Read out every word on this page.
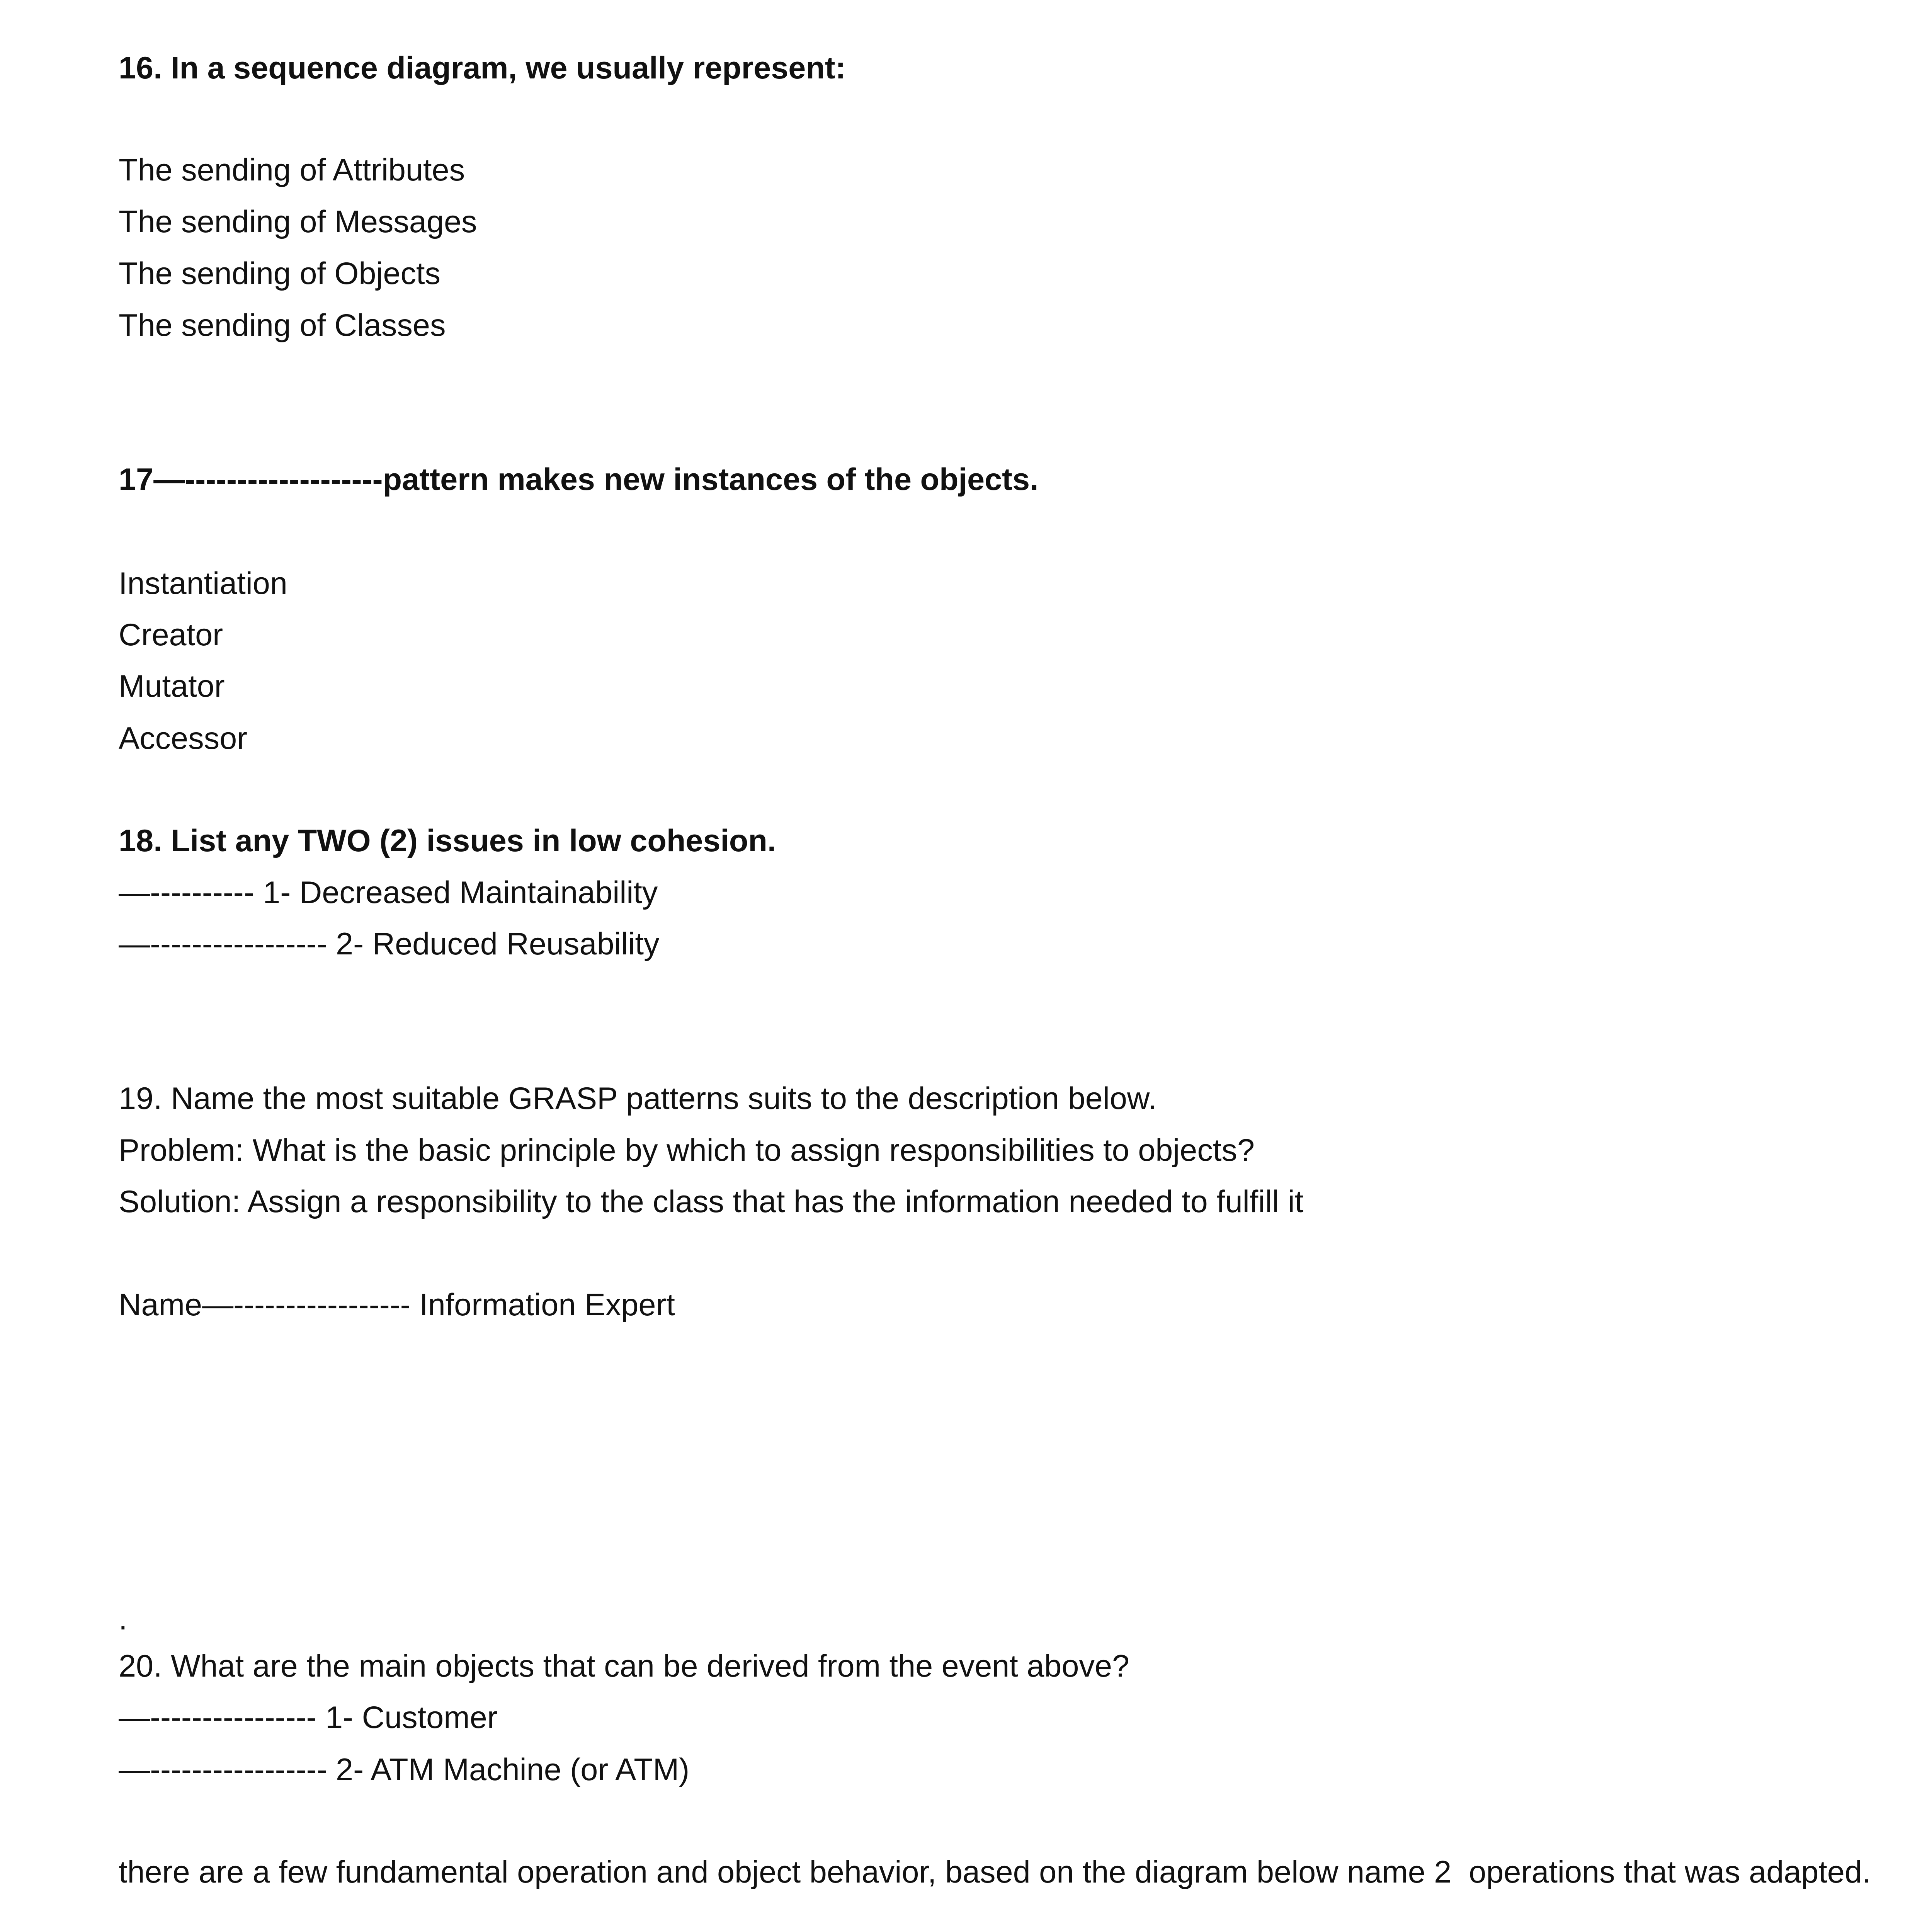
16. In a sequence diagram, we usually represent:
The sending of Attributes
The sending of Messages
The sending of Objects
The sending of Classes
17—-------------------pattern makes new instances of the objects.
Instantiation
Creator
Mutator
Accessor
18. List any TWO (2) issues in low cohesion.
—---------- 1- Decreased Maintainability
—----------------- 2- Reduced Reusability
19. Name the most suitable GRASP patterns suits to the description below.
Problem: What is the basic principle by which to assign responsibilities to objects?
Solution: Assign a responsibility to the class that has the information needed to fulfill it
Name—----------------- Information Expert
.
20. What are the main objects that can be derived from the event above?
—---------------- 1- Customer
—----------------- 2- ATM Machine (or ATM)
there are a few fundamental operation and object behavior, based on the diagram below name 2  operations that was adapted.
